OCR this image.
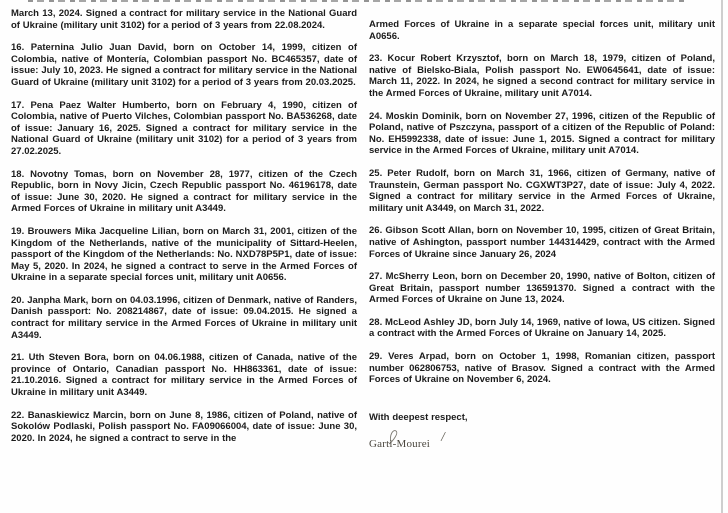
March 13, 2024. Signed a contract for military service in the National Guard of Ukraine (military unit 3102) for a period of 3 years from 22.08.2024.

16. Paternina Julio Juan David, born on October 14, 1999, citizen of Colombia, native of Montería, Colombian passport No. BC465357, date of issue: July 10, 2023. He signed a contract for military service in the National Guard of Ukraine (military unit 3102) for a period of 3 years from 20.03.2025.

17. Pena Paez Walter Humberto, born on February 4, 1990, citizen of Colombia, native of Puerto Vilches, Colombian passport No. BA536268, date of issue: January 16, 2025. Signed a contract for military service in the National Guard of Ukraine (military unit 3102) for a period of 3 years from 27.02.2025.

18. Novotny Tomas, born on November 28, 1977, citizen of the Czech Republic, born in Novy Jicin, Czech Republic passport No. 46196178, date of issue: June 30, 2020. He signed a contract for military service in the Armed Forces of Ukraine in military unit A3449.

19. Brouwers Mika Jacqueline Lilian, born on March 31, 2001, citizen of the Kingdom of the Netherlands, native of the municipality of Sittard-Heelen, passport of the Kingdom of the Netherlands: No. NXD78P5P1, date of issue: May 5, 2020. In 2024, he signed a contract to serve in the Armed Forces of Ukraine in a separate special forces unit, military unit A0656.

20. Janpha Mark, born on 04.03.1996, citizen of Denmark, native of Randers, Danish passport: No. 208214867, date of issue: 09.04.2015. He signed a contract for military service in the Armed Forces of Ukraine in military unit A3449.

21. Uth Steven Bora, born on 04.06.1988, citizen of Canada, native of the province of Ontario, Canadian passport No. HH863361, date of issue: 21.10.2016. Signed a contract for military service in the Armed Forces of Ukraine in military unit A3449.

22. Banaskiewicz Marcin, born on June 8, 1986, citizen of Poland, native of Sokolów Podlaski, Polish passport No. FA09066004, date of issue: June 30, 2020. In 2024, he signed a contract to serve in the

Armed Forces of Ukraine in a separate special forces unit, military unit A0656.

23. Kocur Robert Krzysztof, born on March 18, 1979, citizen of Poland, native of Bielsko-Biala, Polish passport No. EW0645641, date of issue: March 11, 2022. In 2024, he signed a second contract for military service in the Armed Forces of Ukraine, military unit A7014.

24. Moskin Dominik, born on November 27, 1996, citizen of the Republic of Poland, native of Pszczyna, passport of a citizen of the Republic of Poland: No. EH5992338, date of issue: June 1, 2015. Signed a contract for military service in the Armed Forces of Ukraine, military unit A7014.

25. Peter Rudolf, born on March 31, 1966, citizen of Germany, native of Traunstein, German passport No. CGXWT3P27, date of issue: July 4, 2022. Signed a contract for military service in the Armed Forces of Ukraine, military unit A3449, on March 31, 2022.

26. Gibson Scott Allan, born on November 10, 1995, citizen of Great Britain, native of Ashington, passport number 144314429, contract with the Armed Forces of Ukraine since January 26, 2024

27. McSherry Leon, born on December 20, 1990, native of Bolton, citizen of Great Britain, passport number 136591370. Signed a contract with the Armed Forces of Ukraine on June 13, 2024.

28. McLeod Ashley JD, born July 14, 1969, native of Iowa, US citizen. Signed a contract with the Armed Forces of Ukraine on January 14, 2025.

29. Veres Arpad, born on October 1, 1998, Romanian citizen, passport number 062806753, native of Brasov. Signed a contract with the Armed Forces of Ukraine on November 6, 2024.

With deepest respect,

Garti-Mourei /
